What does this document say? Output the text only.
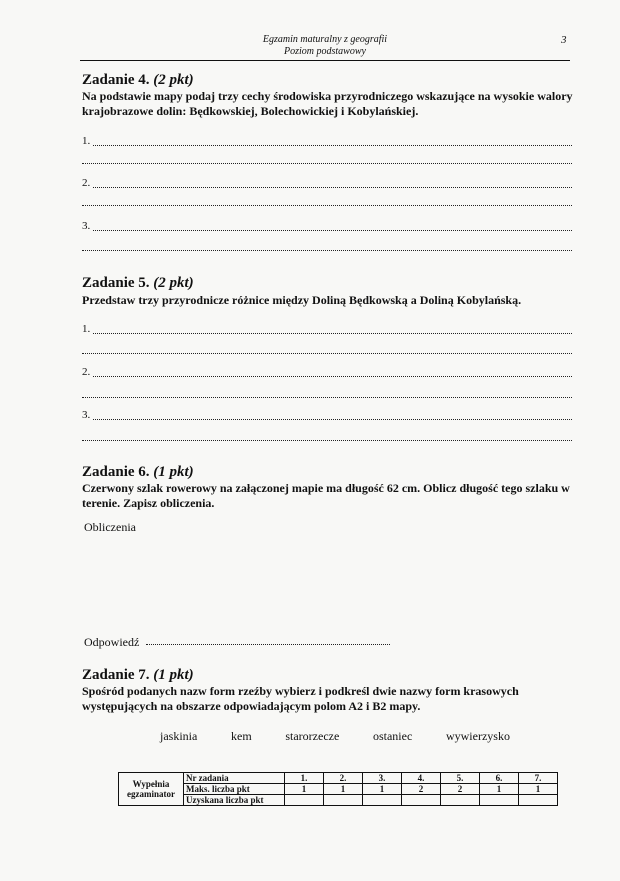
Egzamin maturalny z geografii
Poziom podstawowy
3
Zadanie 4. (2 pkt)
Na podstawie mapy podaj trzy cechy środowiska przyrodniczego wskazujące na wysokie walory krajobrazowe dolin: Będkowskiej, Bolechowickiej i Kobylańskiej.
1.
2.
3.
Zadanie 5. (2 pkt)
Przedstaw trzy przyrodnicze różnice między Doliną Będkowską a Doliną Kobylańską.
1.
2.
3.
Zadanie 6. (1 pkt)
Czerwony szlak rowerowy na załączonej mapie ma długość 62 cm. Oblicz długość tego szlaku w terenie. Zapisz obliczenia.
Obliczenia
Odpowiedź
Zadanie 7. (1 pkt)
Spośród podanych nazw form rzeźby wybierz i podkreśl dwie nazwy form krasowych występujących na obszarze odpowiadającym polom A2 i B2 mapy.
jaskinia	kem	starorzecze	ostaniec	wywierzysko
Wypełnia egzaminator	Nr zadania	1.	2.	3.	4.	5.	6.	7.
	Maks. liczba pkt	1	1	1	2	2	1	1
	Uzyskana liczba pkt							
